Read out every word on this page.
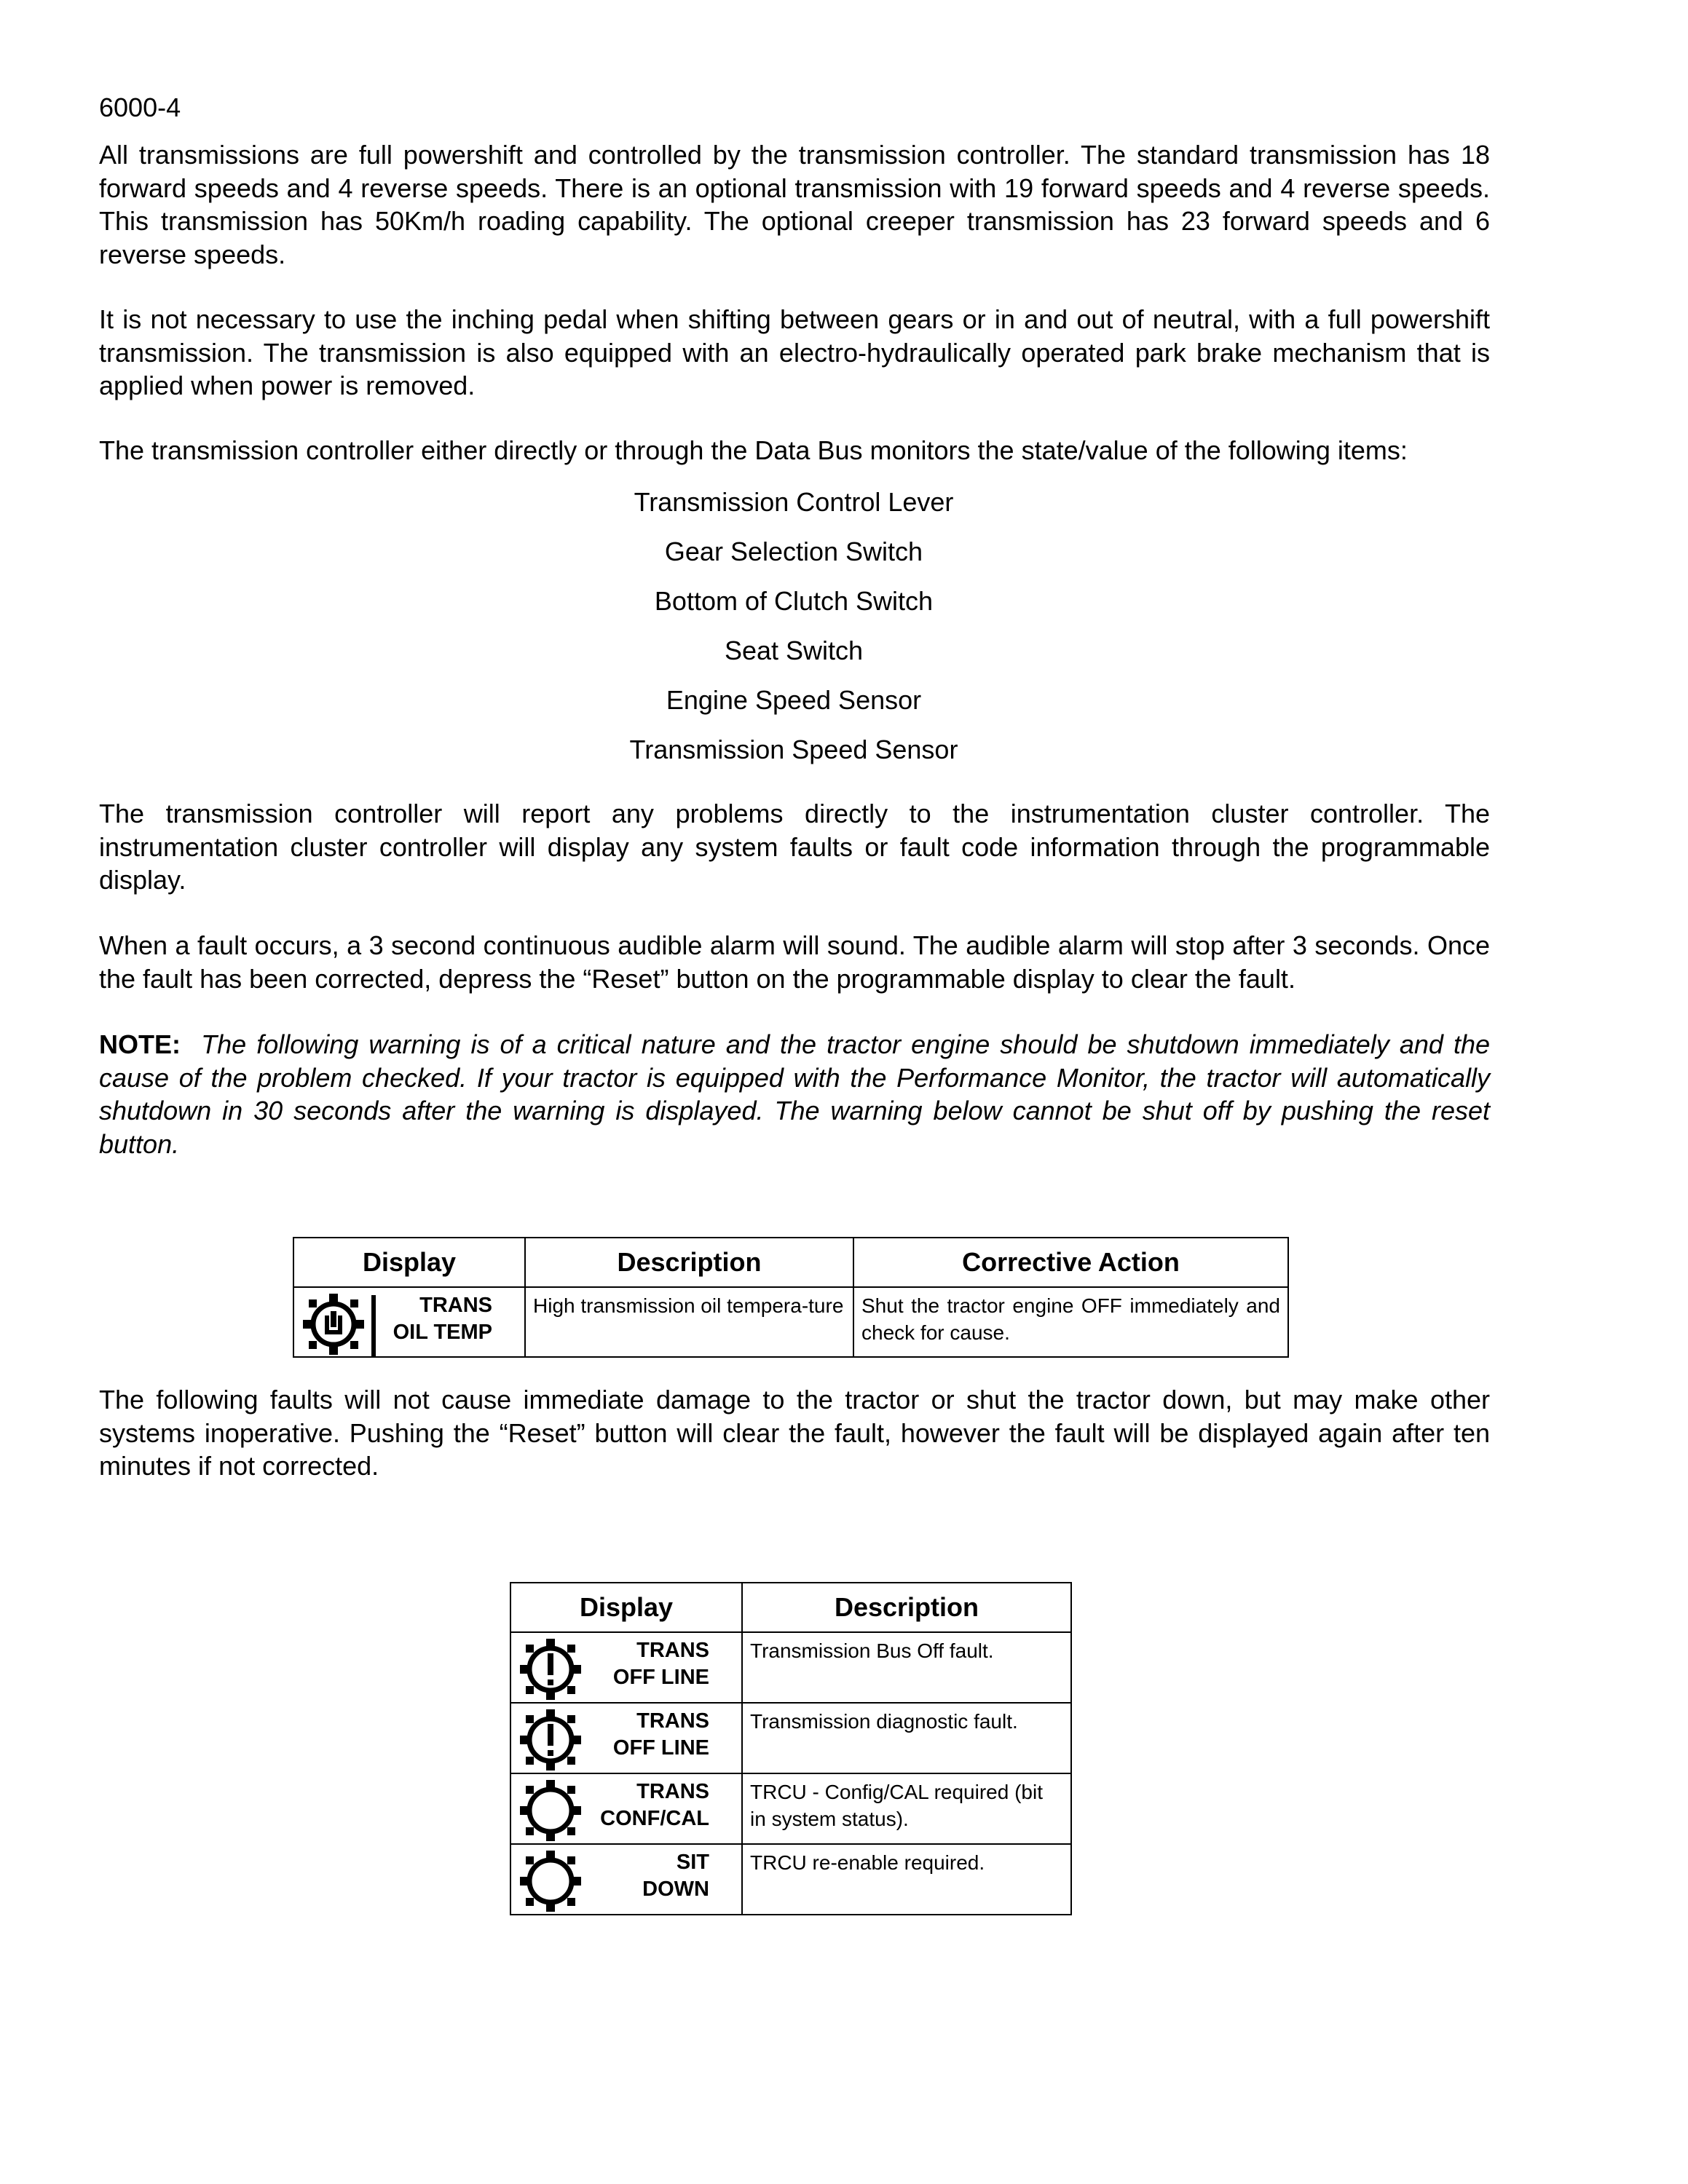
6000-4

All transmissions are full powershift and controlled by the transmission controller. The standard transmission has 18 forward speeds and 4 reverse speeds. There is an optional transmission with 19 forward speeds and 4 reverse speeds. This transmission has 50Km/h roading capability. The optional creeper transmission has 23 forward speeds and 6 reverse speeds.

It is not necessary to use the inching pedal when shifting between gears or in and out of neutral, with a full powershift transmission. The transmission is also equipped with an electro-hydraulically operated park brake mechanism that is applied when power is removed.

The transmission controller either directly or through the Data Bus monitors the state/value of the following items:

Transmission Control Lever
Gear Selection Switch
Bottom of Clutch Switch
Seat Switch
Engine Speed Sensor
Transmission Speed Sensor

The transmission controller will report any problems directly to the instrumentation cluster controller. The instrumentation cluster controller will display any system faults or fault code information through the programmable display.

When a fault occurs, a 3 second continuous audible alarm will sound. The audible alarm will stop after 3 seconds. Once the fault has been corrected, depress the “Reset” button on the programmable display to clear the fault.

NOTE: The following warning is of a critical nature and the tractor engine should be shutdown immediately and the cause of the problem checked. If your tractor is equipped with the Performance Monitor, the tractor will automatically shutdown in 30 seconds after the warning is displayed. The warning below cannot be shut off by pushing the reset button.

Display	Description	Corrective Action

TRANS
OIL TEMP	High transmission oil tempera-ture	Shut the tractor engine OFF immediately and check for cause.

The following faults will not cause immediate damage to the tractor or shut the tractor down, but may make other systems inoperative. Pushing the “Reset” button will clear the fault, however the fault will be displayed again after ten minutes if not corrected.

Display	Description

TRANS
OFF LINE	Transmission Bus Off fault.

TRANS
OFF LINE	Transmission diagnostic fault.

TRANS
CONF/CAL	TRCU - Config/CAL required (bit in system status).

SIT
DOWN	TRCU re-enable required.
